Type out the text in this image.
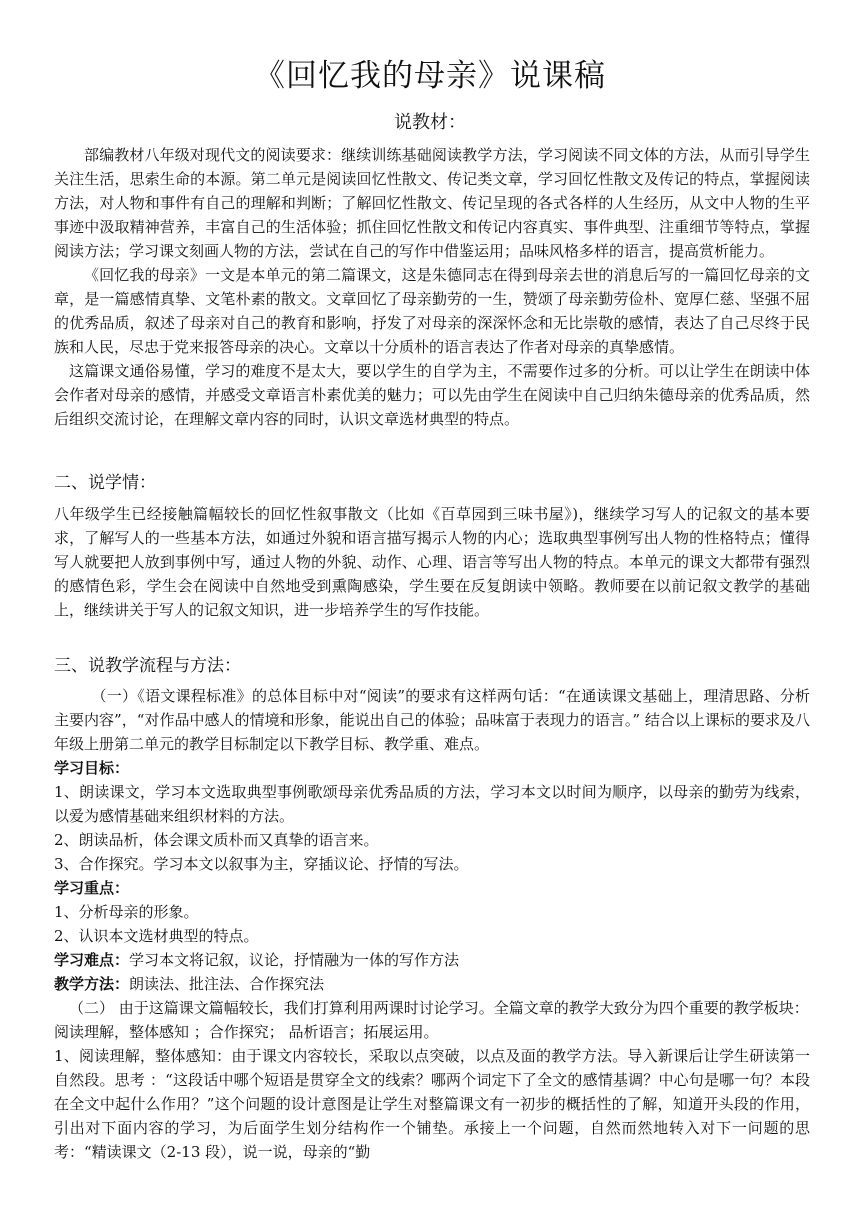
《回忆我的母亲》说课稿
说教材：

部编教材八年级对现代文的阅读要求：继续训练基础阅读教学方法，学习阅读不同文体的方法，从而引导学生关注生活，思索生命的本源。第二单元是阅读回忆性散文、传记类文章，学习回忆性散文及传记的特点，掌握阅读方法，对人物和事件有自己的理解和判断；了解回忆性散文、传记呈现的各式各样的人生经历，从文中人物的生平事迹中汲取精神营养，丰富自己的生活体验；抓住回忆性散文和传记内容真实、事件典型、注重细节等特点，掌握阅读方法；学习课文刻画人物的方法，尝试在自己的写作中借鉴运用；品味风格多样的语言，提高赏析能力。

《回忆我的母亲》一文是本单元的第二篇课文，这是朱德同志在得到母亲去世的消息后写的一篇回忆母亲的文章，是一篇感情真挚、文笔朴素的散文。文章回忆了母亲勤劳的一生，赞颂了母亲勤劳俭朴、宽厚仁慈、坚强不屈的优秀品质，叙述了母亲对自己的教育和影响，抒发了对母亲的深深怀念和无比崇敬的感情，表达了自己尽终于民族和人民，尽忠于党来报答母亲的决心。文章以十分质朴的语言表达了作者对母亲的真挚感情。

这篇课文通俗易懂，学习的难度不是太大，要以学生的自学为主，不需要作过多的分析。可以让学生在朗读中体会作者对母亲的感情，并感受文章语言朴素优美的魅力；可以先由学生在阅读中自己归纳朱德母亲的优秀品质，然后组织交流讨论，在理解文章内容的同时，认识文章选材典型的特点。

二、说学情：

八年级学生已经接触篇幅较长的回忆性叙事散文（比如《百草园到三味书屋》)，继续学习写人的记叙文的基本要求，了解写人的一些基本方法，如通过外貌和语言描写揭示人物的内心；选取典型事例写出人物的性格特点；懂得写人就要把人放到事例中写，通过人物的外貌、动作、心理、语言等写出人物的特点。本单元的课文大都带有强烈的感情色彩，学生会在阅读中自然地受到熏陶感染，学生要在反复朗读中领略。教师要在以前记叙文教学的基础上，继续讲关于写人的记叙文知识，进一步培养学生的写作技能。

三、说教学流程与方法：

（一）《语文课程标准》的总体目标中对“阅读”的要求有这样两句话：“在通读课文基础上，理清思路、分析主要内容”，“对作品中感人的情境和形象，能说出自己的体验；品味富于表现力的语言。” 结合以上课标的要求及八年级上册第二单元的教学目标制定以下教学目标、教学重、难点。

学习目标：

1、朗读课文，学习本文选取典型事例歌颂母亲优秀品质的方法，学习本文以时间为顺序，以母亲的勤劳为线索，以爱为感情基础来组织材料的方法。

2、朗读品析，体会课文质朴而又真挚的语言来。

3、合作探究。学习本文以叙事为主，穿插议论、抒情的写法。

学习重点：

1、分析母亲的形象。

2、认识本文选材典型的特点。

学习难点：学习本文将记叙，议论，抒情融为一体的写作方法

教学方法：朗读法、批注法、合作探究法

（二） 由于这篇课文篇幅较长，我们打算利用两课时讨论学习。全篇文章的教学大致分为四个重要的教学板块：

阅读理解，整体感知 ；合作探究； 品析语言；拓展运用。

1、阅读理解，整体感知：由于课文内容较长，采取以点突破，以点及面的教学方法。导入新课后让学生研读第一自然段。思考 ：“这段话中哪个短语是贯穿全文的线索？哪两个词定下了全文的感情基调？中心句是哪一句？本段在全文中起什么作用？”这个问题的设计意图是让学生对整篇课文有一初步的概括性的了解，知道开头段的作用，引出对下面内容的学习，为后面学生划分结构作一个铺垫。承接上一个问题，自然而然地转入对下一问题的思考：“精读课文（2-13 段），说一说，母亲的“勤
